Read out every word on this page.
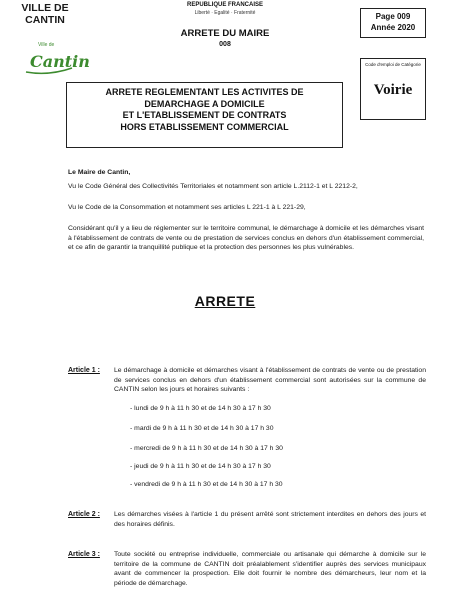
VILLE DE
CANTIN
Ville de
Cantin
REPUBLIQUE FRANCAISE
Liberté · Egalité · Fraternité
ARRETE DU MAIRE
008
Page 009
Année 2020
Code d'emploi de Catégorie
Voirie
ARRETE REGLEMENTANT LES ACTIVITES DE
DEMARCHAGE A DOMICILE
ET L'ETABLISSEMENT DE CONTRATS
HORS ETABLISSEMENT COMMERCIAL
Le Maire de Cantin,
Vu le Code Général des Collectivités Territoriales et notamment son article L.2112-1 et L 2212-2,
Vu le Code de la Consommation et notamment ses articles L 221-1 à L 221-29,
Considérant qu'il y a lieu de réglementer sur le territoire communal, le démarchage à domicile et les démarches visant à l'établissement de contrats de vente ou de prestation de services conclus en dehors d'un établissement commercial, et ce afin de garantir la tranquillité publique et la protection des personnes les plus vulnérables.
ARRETE
Article 1 : Le démarchage à domicile et démarches visant à l'établissement de contrats de vente ou de prestation de services conclus en dehors d'un établissement commercial sont autorisées sur la commune de CANTIN selon les jours et horaires suivants :
- lundi de 9 h à 11 h 30 et de 14 h 30 à 17 h 30
- mardi de 9 h à 11 h 30 et de 14 h 30 à 17 h 30
- mercredi de 9 h à 11 h 30 et de 14 h 30 à 17 h 30
- jeudi de 9 h à 11 h 30 et de 14 h 30 à 17 h 30
- vendredi de 9 h à 11 h 30 et de 14 h 30 à 17 h 30
Article 2 : Les démarches visées à l'article 1 du présent arrêté sont strictement interdites en dehors des jours et des horaires définis.
Article 3 : Toute société ou entreprise individuelle, commerciale ou artisanale qui démarche à domicile sur le territoire de la commune de CANTIN doit préalablement s'identifier auprès des services municipaux avant de commencer la prospection. Elle doit fournir le nombre des démarcheurs, leur nom et la période de démarchage.
